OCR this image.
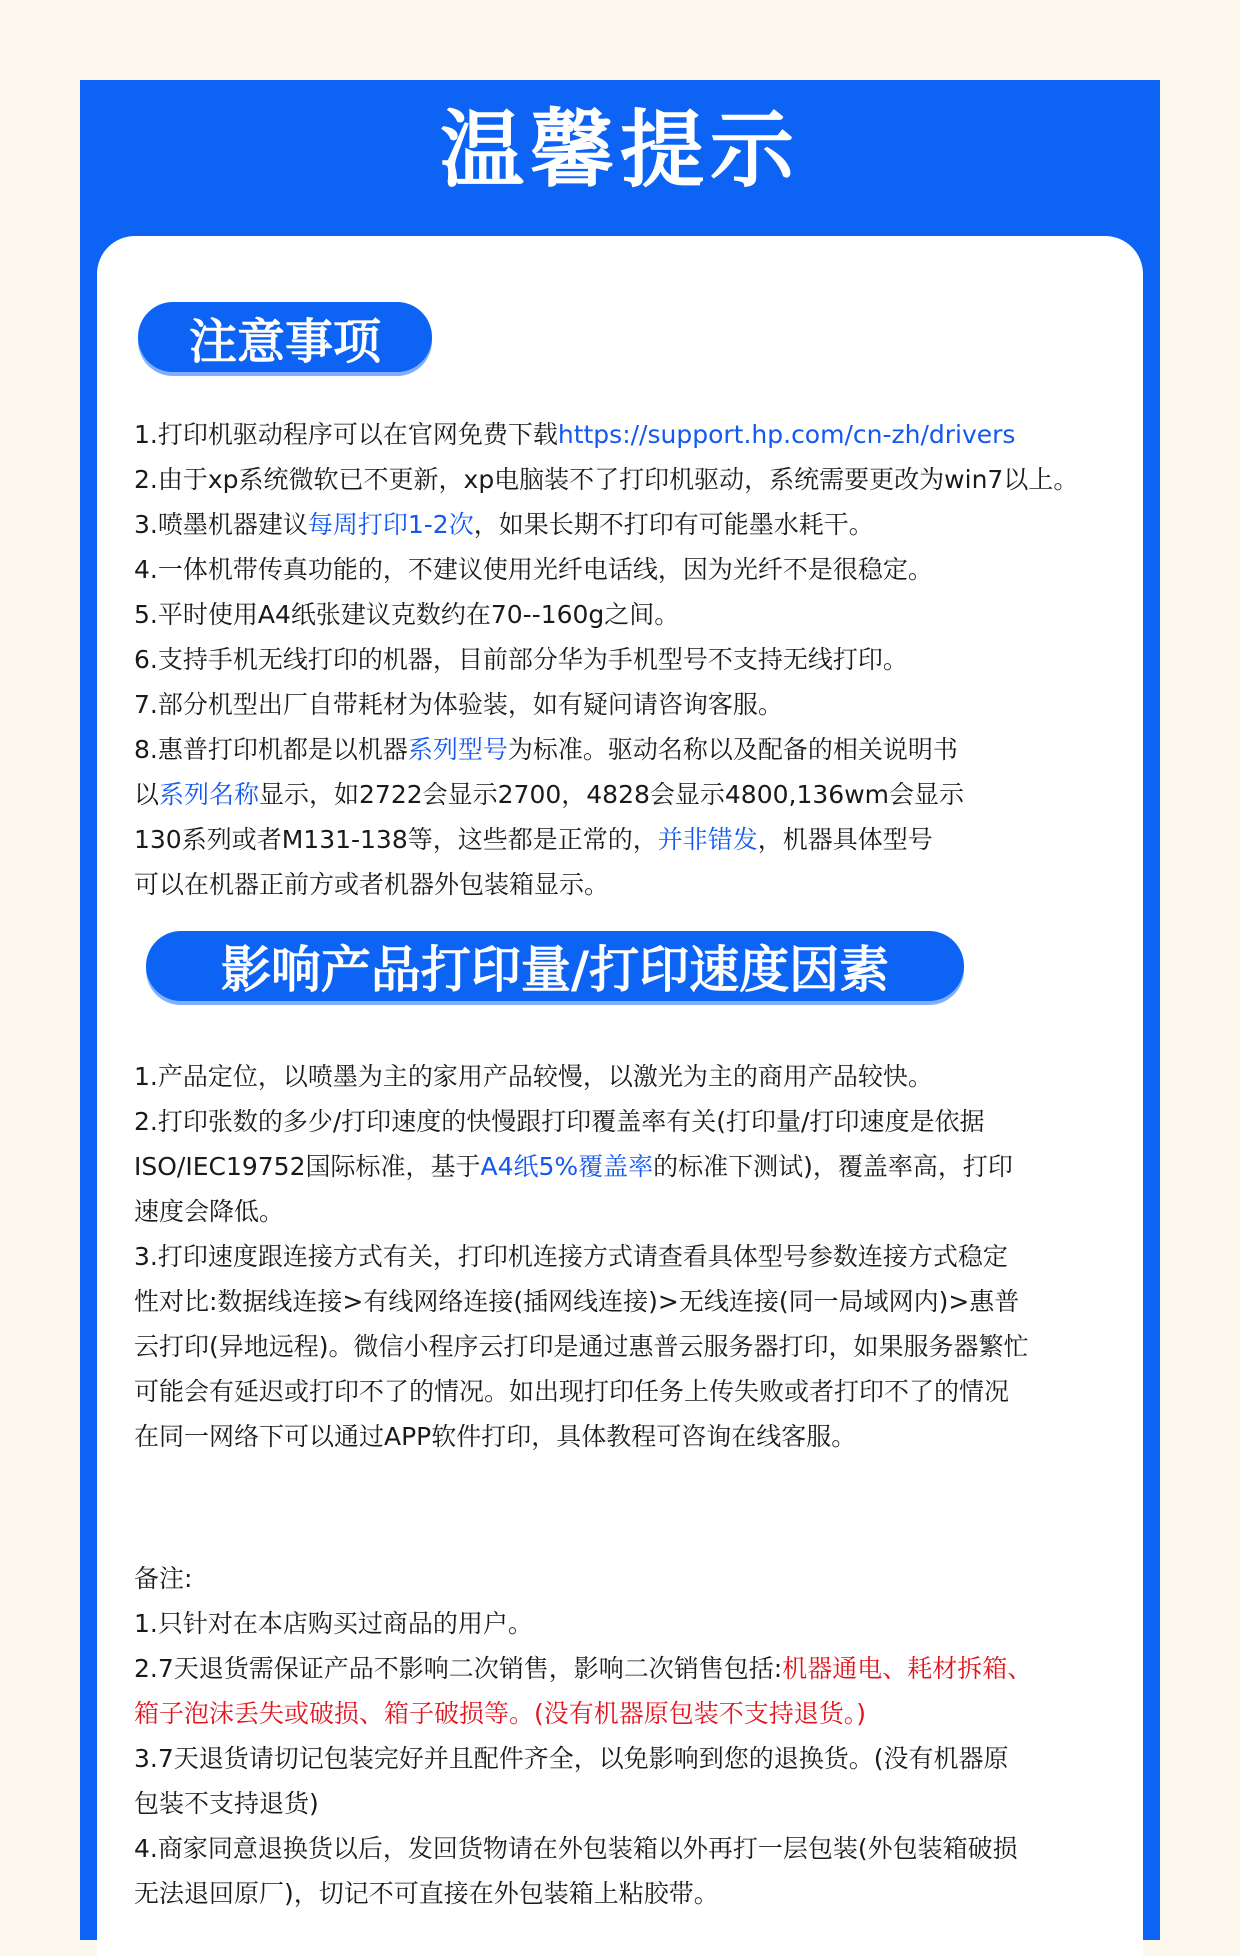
温馨提示
注意事项

1.打印机驱动程序可以在官网免费下载https://support.hp.com/cn-zh/drivers

2.由于xp系统微软已不更新，xp电脑装不了打印机驱动，系统需要更改为win7以上。

3.喷墨机器建议每周打印1-2次，如果长期不打印有可能墨水耗干。

4.一体机带传真功能的，不建议使用光纤电话线，因为光纤不是很稳定。

5.平时使用A4纸张建议克数约在70--160g之间。

6.支持手机无线打印的机器，目前部分华为手机型号不支持无线打印。

7.部分机型出厂自带耗材为体验装，如有疑问请咨询客服。

8.惠普打印机都是以机器系列型号为标准。驱动名称以及配备的相关说明书

以系列名称显示，如2722会显示2700，4828会显示4800,136wm会显示

130系列或者M131-138等，这些都是正常的，并非错发，机器具体型号

可以在机器正前方或者机器外包装箱显示。

影响产品打印量/打印速度因素

1.产品定位，以喷墨为主的家用产品较慢，以激光为主的商用产品较快。

2.打印张数的多少/打印速度的快慢跟打印覆盖率有关(打印量/打印速度是依据

ISO/IEC19752国际标准，基于A4纸5%覆盖率的标准下测试)，覆盖率高，打印

速度会降低。

3.打印速度跟连接方式有关，打印机连接方式请查看具体型号参数连接方式稳定

性对比:数据线连接>有线网络连接(插网线连接)>无线连接(同一局域网内)>惠普

云打印(异地远程)。微信小程序云打印是通过惠普云服务器打印，如果服务器繁忙

可能会有延迟或打印不了的情况。如出现打印任务上传失败或者打印不了的情况

在同一网络下可以通过APP软件打印，具体教程可咨询在线客服。

备注:

1.只针对在本店购买过商品的用户。

2.7天退货需保证产品不影响二次销售，影响二次销售包括:机器通电、耗材拆箱、

箱子泡沫丢失或破损、箱子破损等。(没有机器原包装不支持退货。)

3.7天退货请切记包装完好并且配件齐全，以免影响到您的退换货。(没有机器原

包装不支持退货)

4.商家同意退换货以后，发回货物请在外包装箱以外再打一层包装(外包装箱破损

无法退回原厂)，切记不可直接在外包装箱上粘胶带。
